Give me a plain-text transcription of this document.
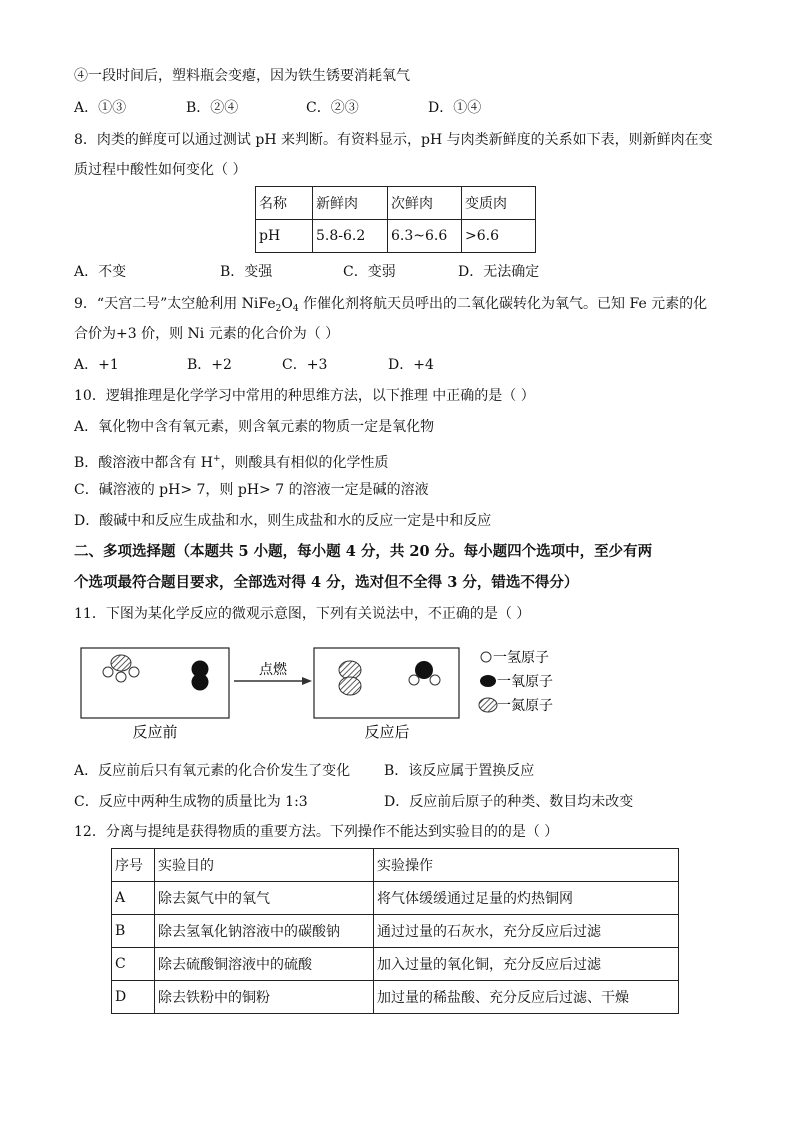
④一段时间后，塑料瓶会变瘪，因为铁生锈要消耗氧气
A．①③	B．②④	C．②③	D．①④
8．肉类的鲜度可以通过测试 pH 来判断。有资料显示，pH 与肉类新鲜度的关系如下表，则新鲜肉在变
质过程中酸性如何变化（ ）
名称	新鲜肉	次鲜肉	变质肉
pH	5.8-6.2	6.3~6.6	>6.6
A．不变	B．变强	C．变弱	D．无法确定
9．“天宫二号”太空舱利用 $NiFe_2O_4$ 作催化剂将航天员呼出的二氧化碳转化为氧气。已知 Fe 元素的化
合价为+3 价，则 Ni 元素的化合价为（ ）
A．+1	B．+2	C．+3	D．+4
10．逻辑推理是化学学习中常用的种思维方法，以下推理 中正确的是（ ）
A．氧化物中含有氧元素，则含氧元素的物质一定是氧化物
B．酸溶液中都含有 H+，则酸具有相似的化学性质
C．碱溶液的 pH> 7，则 pH> 7 的溶液一定是碱的溶液
D．酸碱中和反应生成盐和水，则生成盐和水的反应一定是中和反应
二、多项选择题（本题共 5 小题，每小题 4 分，共 20 分。每小题四个选项中，至少有两
个选项最符合题目要求，全部选对得 4 分，选对但不全得 3 分，错选不得分）
11．下图为某化学反应的微观示意图，下列有关说法中，不正确的是（ ）
点燃
反应前	反应后
一氢原子
一氧原子
一氮原子
A．反应前后只有氧元素的化合价发生了变化 B．该反应属于置换反应
C．反应中两种生成物的质量比为 1:3	D．反应前后原子的种类、数目均未改变
12．分离与提纯是获得物质的重要方法。下列操作不能达到实验目的的是（ ）
序号	实验目的	实验操作
A	除去氮气中的氧气	将气体缓缓通过足量的灼热铜网
B	除去氢氧化钠溶液中的碳酸钠	通过过量的石灰水，充分反应后过滤
C	除去硫酸铜溶液中的硫酸	加入过量的氧化铜，充分反应后过滤
D	除去铁粉中的铜粉	加过量的稀盐酸、充分反应后过滤、干燥
